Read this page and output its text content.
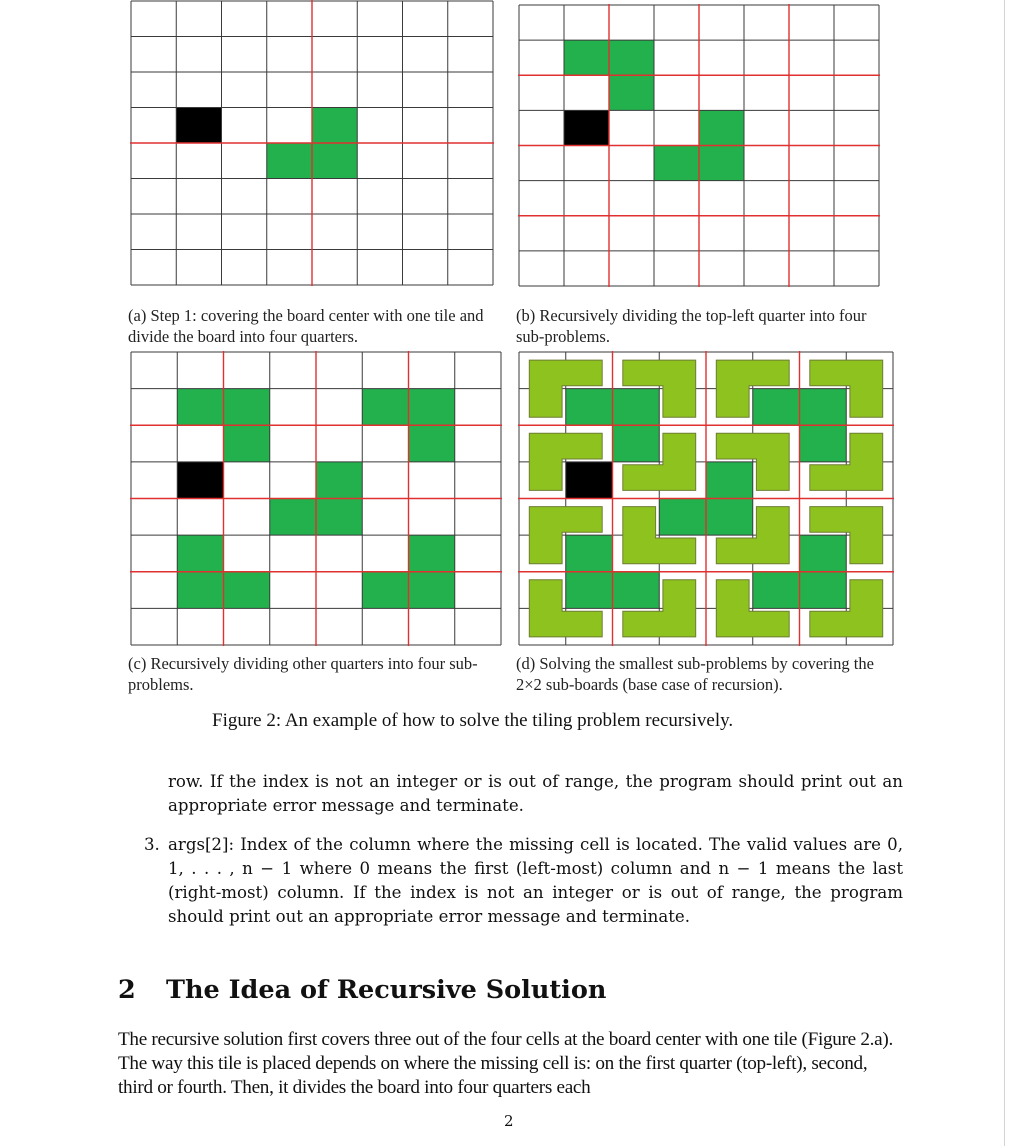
(a) Step 1: covering the board center with one tile and divide the board into four quarters.

(b) Recursively dividing the top-left quarter into four sub-problems.

(c) Recursively dividing other quarters into four sub-problems.

(d) Solving the smallest sub-problems by covering the 2×2 sub-boards (base case of recursion).

Figure 2: An example of how to solve the tiling problem recursively.

row. If the index is not an integer or is out of range, the program should print out an appropriate error message and terminate.

3. args[2]: Index of the column where the missing cell is located. The valid values are 0, 1, . . . , n − 1 where 0 means the first (left-most) column and n − 1 means the last (right-most) column. If the index is not an integer or is out of range, the program should print out an appropriate error message and terminate.

2 The Idea of Recursive Solution

The recursive solution first covers three out of the four cells at the board center with one tile (Figure 2.a). The way this tile is placed depends on where the missing cell is: on the first quarter (top-left), second, third or fourth. Then, it divides the board into four quarters each

2
